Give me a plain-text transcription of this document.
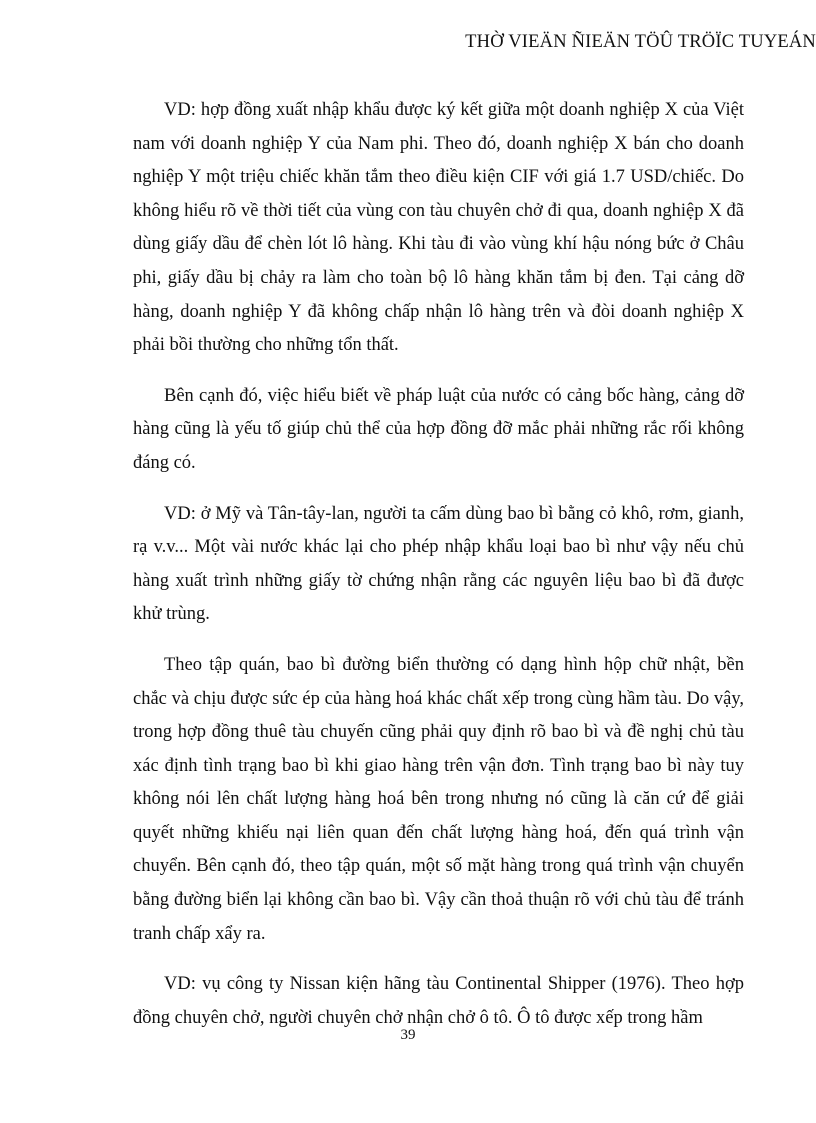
THỜ VIEÄN ÑIEÄN TÖÛ TRÖÏC TUYEÁN

VD: hợp đồng xuất nhập khẩu được ký kết giữa một doanh nghiệp X của Việt nam với doanh nghiệp Y của Nam phi. Theo đó, doanh nghiệp X bán cho doanh nghiệp Y một triệu chiếc khăn tắm theo điều kiện CIF với giá 1.7 USD/chiếc. Do không hiểu rõ về thời tiết của vùng con tàu chuyên chở đi qua, doanh nghiệp X đã dùng giấy dầu để chèn lót lô hàng. Khi tàu đi vào vùng khí hậu nóng bức ở Châu phi, giấy dầu bị chảy ra làm cho toàn bộ lô hàng khăn tắm bị đen. Tại cảng dỡ hàng, doanh nghiệp Y đã không chấp nhận lô hàng trên và đòi doanh nghiệp X phải bồi thường cho những tổn thất.

Bên cạnh đó, việc hiểu biết về pháp luật của nước có cảng bốc hàng, cảng dỡ hàng cũng là yếu tố giúp chủ thể của hợp đồng đỡ mắc phải những rắc rối không đáng có.

VD: ở Mỹ và Tân-tây-lan, người ta cấm dùng bao bì bằng cỏ khô, rơm, gianh, rạ v.v... Một vài nước khác lại cho phép nhập khẩu loại bao bì như vậy nếu chủ hàng xuất trình những giấy tờ chứng nhận rằng các nguyên liệu bao bì đã được khử trùng.

Theo tập quán, bao bì đường biển thường có dạng hình hộp chữ nhật, bền chắc và chịu được sức ép của hàng hoá khác chất xếp trong cùng hầm tàu. Do vậy, trong hợp đồng thuê tàu chuyến cũng phải quy định rõ bao bì và đề nghị chủ tàu xác định tình trạng bao bì khi giao hàng trên vận đơn. Tình trạng bao bì này tuy không nói lên chất lượng hàng hoá bên trong nhưng nó cũng là căn cứ để giải quyết những khiếu nại liên quan đến chất lượng hàng hoá, đến quá trình vận chuyển. Bên cạnh đó, theo tập quán, một số mặt hàng trong quá trình vận chuyển bằng đường biển lại không cần bao bì. Vậy cần thoả thuận rõ với chủ tàu để tránh tranh chấp xẩy ra.

VD: vụ công ty Nissan kiện hãng tàu Continental Shipper (1976). Theo hợp đồng chuyên chở, người chuyên chở nhận chở ô tô. Ô tô được xếp trong hầm

39
